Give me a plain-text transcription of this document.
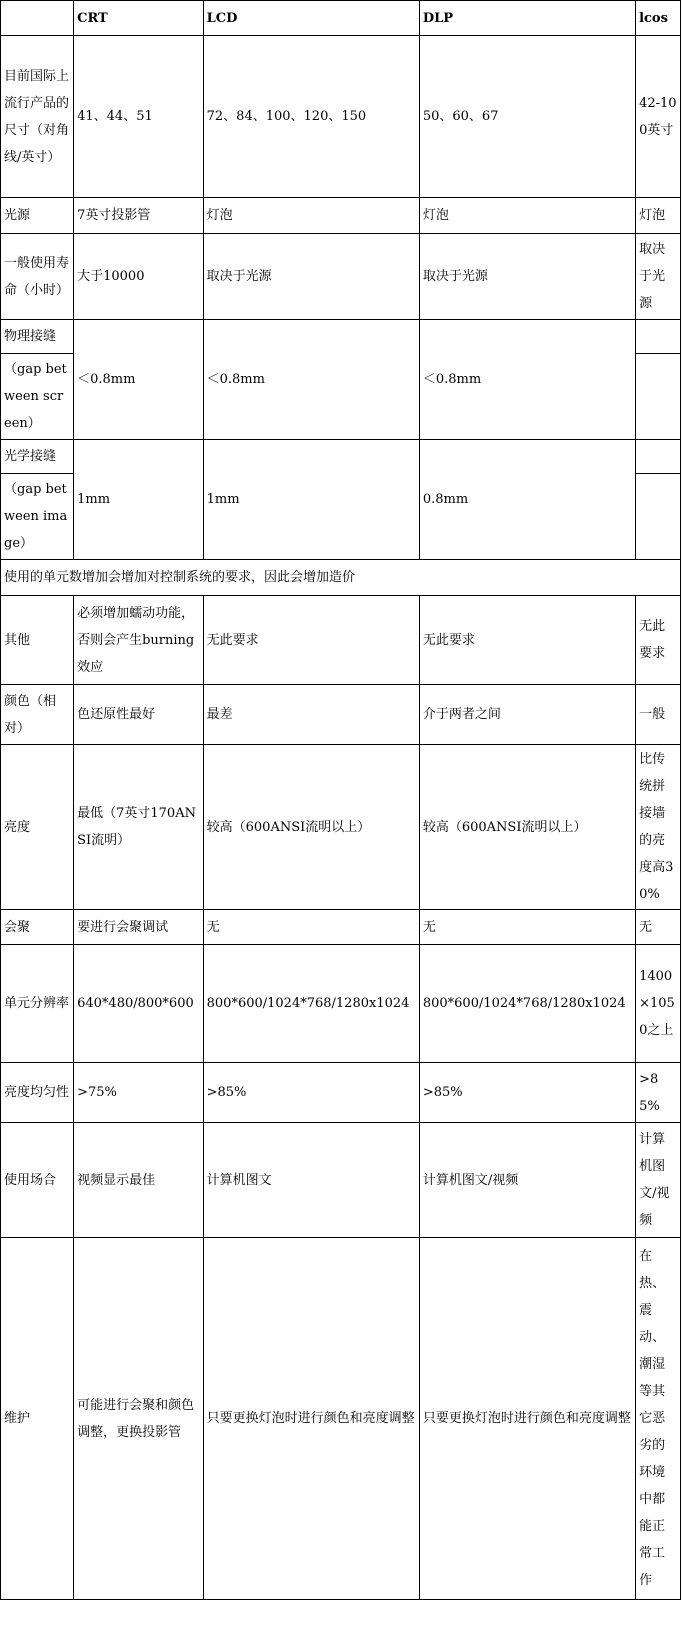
	CRT	LCD	DLP	lcos
目前国际上流行产品的尺寸（对角线/英寸）	41、44、51	72、84、100、120、150	50、60、67	42-100英寸
光源	7英寸投影管	灯泡	灯泡	灯泡
一般使用寿命（小时）	大于10000	取决于光源	取决于光源	取决于光源
物理接缝	＜0.8mm	＜0.8mm	＜0.8mm	
（gap between screen）				
光学接缝	1mm	1mm	0.8mm	
（gap between image）				
使用的单元数增加会增加对控制系统的要求，因此会增加造价				
其他	必须增加蠕动功能，否则会产生burning效应	无此要求	无此要求	无此要求
颜色（相对）	色还原性最好	最差	介于两者之间	一般
亮度	最低（7英寸170ANSI流明）	较高（600ANSI流明以上）	较高（600ANSI流明以上）	比传统拼接墙的亮度高30%
会聚	要进行会聚调试	无	无	无
单元分辨率	640*480/800*600	800*600/1024*768/1280x1024	800*600/1024*768/1280x1024	1400×1050之上
亮度均匀性	>75%	>85%	>85%	>85%
使用场合	视频显示最佳	计算机图文	计算机图文/视频	计算机图文/视频
维护	可能进行会聚和颜色调整，更换投影管	只要更换灯泡时进行颜色和亮度调整	只要更换灯泡时进行颜色和亮度调整	在热、震动、潮湿等其它恶劣的环境中都能正常工作
